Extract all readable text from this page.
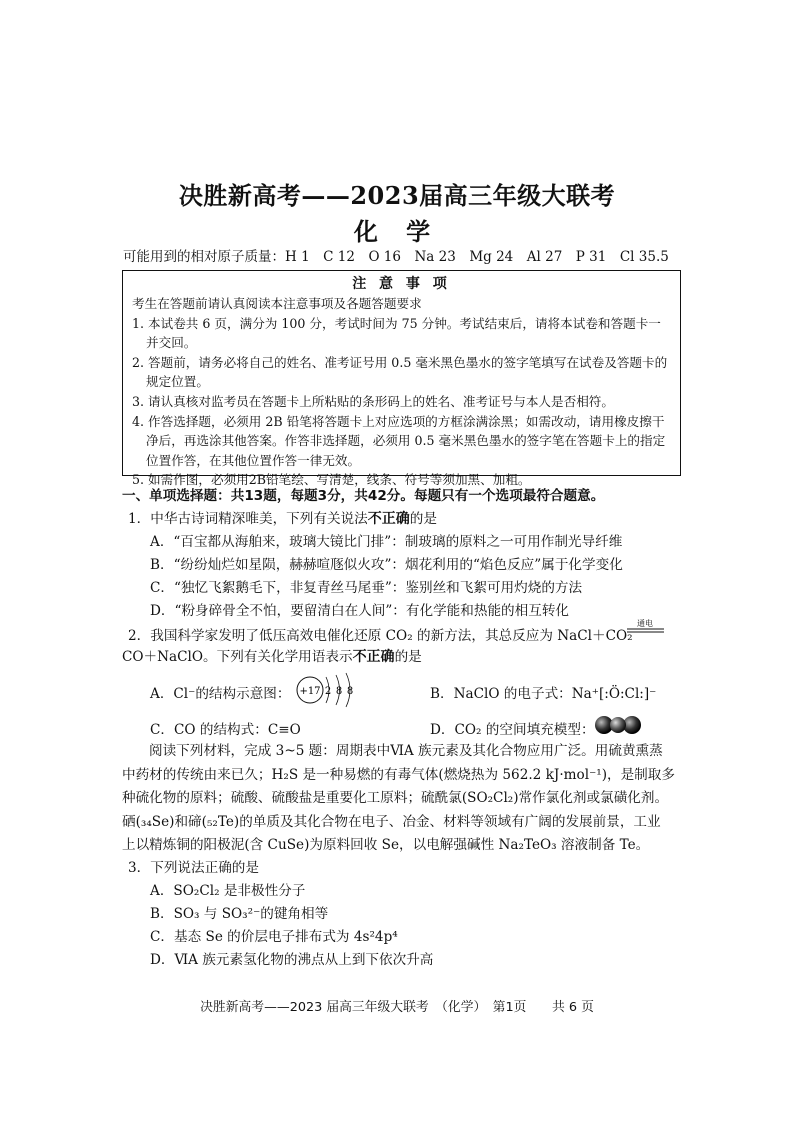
决胜新高考——2023届高三年级大联考
化 学
可能用到的相对原子质量：H 1　C 12　O 16　Na 23　Mg 24　Al 27　P 31　Cl 35.5
注 意 事 项
考生在答题前请认真阅读本注意事项及各题答题要求
1. 本试卷共 6 页，满分为 100 分，考试时间为 75 分钟。考试结束后，请将本试卷和答题卡一并交回。
2. 答题前，请务必将自己的姓名、准考证号用 0.5 毫米黑色墨水的签字笔填写在试卷及答题卡的规定位置。
3. 请认真核对监考员在答题卡上所粘贴的条形码上的姓名、准考证号与本人是否相符。
4. 作答选择题，必须用 2B 铅笔将答题卡上对应选项的方框涂满涂黑；如需改动，请用橡皮擦干净后，再选涂其他答案。作答非选择题，必须用 0.5 毫米黑色墨水的签字笔在答题卡上的指定位置作答，在其他位置作答一律无效。
5. 如需作图，必须用2B铅笔绘、写清楚，线条、符号等须加黑、加粗。
一、单项选择题：共13题，每题3分，共42分。每题只有一个选项最符合题意。
1．中华古诗词精深唯美，下列有关说法不正确的是
A．“百宝都从海舶来，玻璃大镜比门排”：制玻璃的原料之一可用作制光导纤维
B．“纷纷灿烂如星陨，赫赫喧豗似火攻”：烟花利用的“焰色反应”属于化学变化
C．“独忆飞絮鹅毛下，非复青丝马尾垂”：鉴别丝和飞絮可用灼烧的方法
D．“粉身碎骨全不怕，要留清白在人间”：有化学能和热能的相互转化
2．我国科学家发明了低压高效电催化还原 CO₂ 的新方法，其总反应为 NaCl＋CO₂
通电
CO＋NaClO。下列有关化学用语表示不正确的是
A．Cl⁻的结构示意图： +17 2 8 8	B．NaClO 的电子式：Na⁺[:Ö:Cl:]⁻
C．CO 的结构式：C≡O	D．CO₂ 的空间填充模型：
阅读下列材料，完成 3~5 题：周期表中ⅥA 族元素及其化合物应用广泛。用硫黄熏蒸
中药材的传统由来已久；H₂S 是一种易燃的有毒气体(燃烧热为 562.2 kJ·mol⁻¹)，是制取多
种硫化物的原料；硫酸、硫酸盐是重要化工原料；硫酰氯(SO₂Cl₂)常作氯化剂或氯磺化剂。
硒(₃₄Se)和碲(₅₂Te)的单质及其化合物在电子、冶金、材料等领域有广阔的发展前景，工业
上以精炼铜的阳极泥(含 CuSe)为原料回收 Se，以电解强碱性 Na₂TeO₃ 溶液制备 Te。
3．下列说法正确的是
A．SO₂Cl₂ 是非极性分子
B．SO₃ 与 SO₃²⁻的键角相等
C．基态 Se 的价层电子排布式为 4s²4p⁴
D．ⅥA 族元素氢化物的沸点从上到下依次升高
决胜新高考——2023 届高三年级大联考　（化学）　第1页　　共 6 页
